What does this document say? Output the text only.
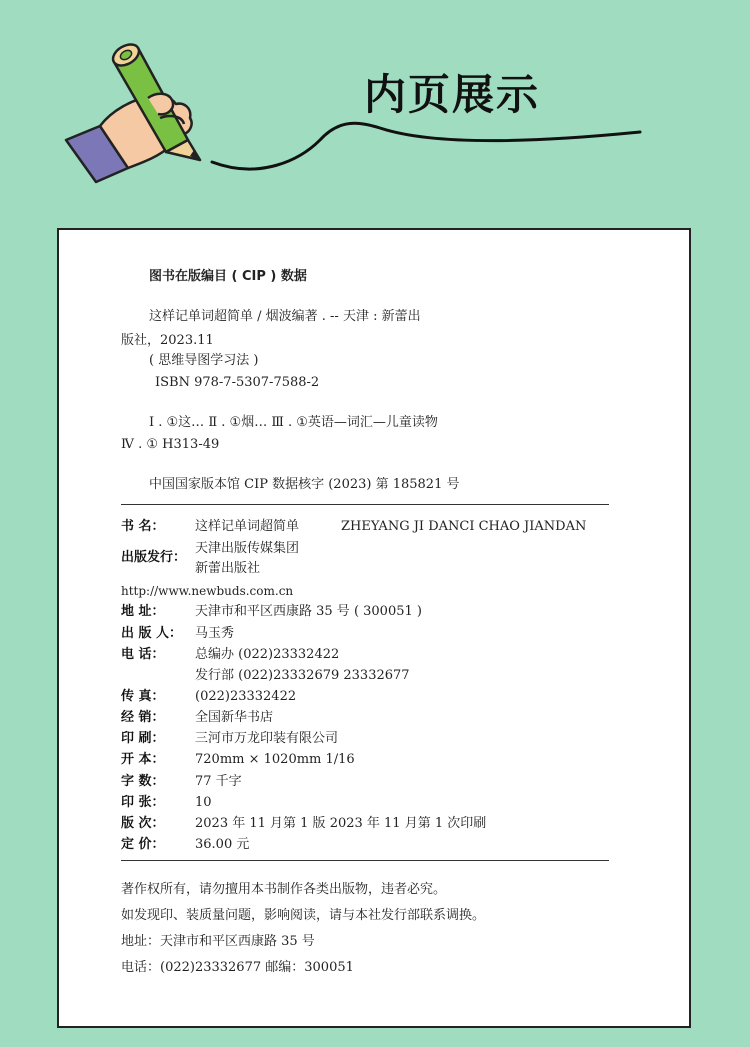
内页展示
图书在版编目 ( CIP ) 数据
这样记单词超简单 / 烟波编著 . -- 天津 : 新蕾出
版社，2023.11
( 思维导图学习法 )
ISBN 978-7-5307-7588-2
Ⅰ . ①这… Ⅱ . ①烟… Ⅲ . ①英语—词汇—儿童读物
Ⅳ . ① H313-49
中国国家版本馆 CIP 数据核字 (2023) 第 185821 号
书 名： 这样记单词超简单	ZHEYANG JI DANCI CHAO JIANDAN
出版发行：
天津出版传媒集团
新蕾出版社
http://www.newbuds.com.cn
地 址： 天津市和平区西康路 35 号 ( 300051 )
出 版 人： 马玉秀
电 话： 总编办 (022)23332422
发行部 (022)23332679 23332677
传 真： (022)23332422
经 销： 全国新华书店
印 刷： 三河市万龙印装有限公司
开 本： 720mm × 1020mm 1/16
字 数： 77 千字
印 张： 10
版 次： 2023 年 11 月第 1 版 2023 年 11 月第 1 次印刷
定 价： 36.00 元
著作权所有，请勿擅用本书制作各类出版物，违者必究。
如发现印、装质量问题，影响阅读，请与本社发行部联系调换。
地址：天津市和平区西康路 35 号
电话：(022)23332677 邮编：300051
